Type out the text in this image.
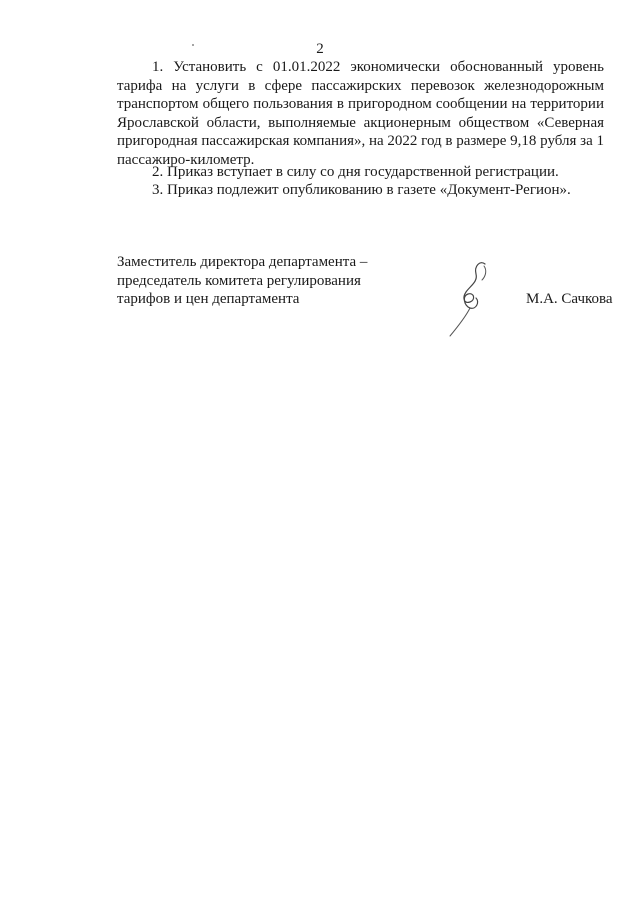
2

1. Установить с 01.01.2022 экономически обоснованный уровень тарифа на услуги в сфере пассажирских перевозок железнодорожным транспортом общего пользования в пригородном сообщении на территории Ярославской области, выполняемые акционерным обществом «Северная пригородная пассажирская компания», на 2022 год в размере 9,18 рубля за 1 пассажиро-километр.

2. Приказ вступает в силу со дня государственной регистрации.

3. Приказ подлежит опубликованию в газете «Документ-Регион».

Заместитель директора департамента –
председатель комитета регулирования
тарифов и цен департамента	М.А. Сачкова
